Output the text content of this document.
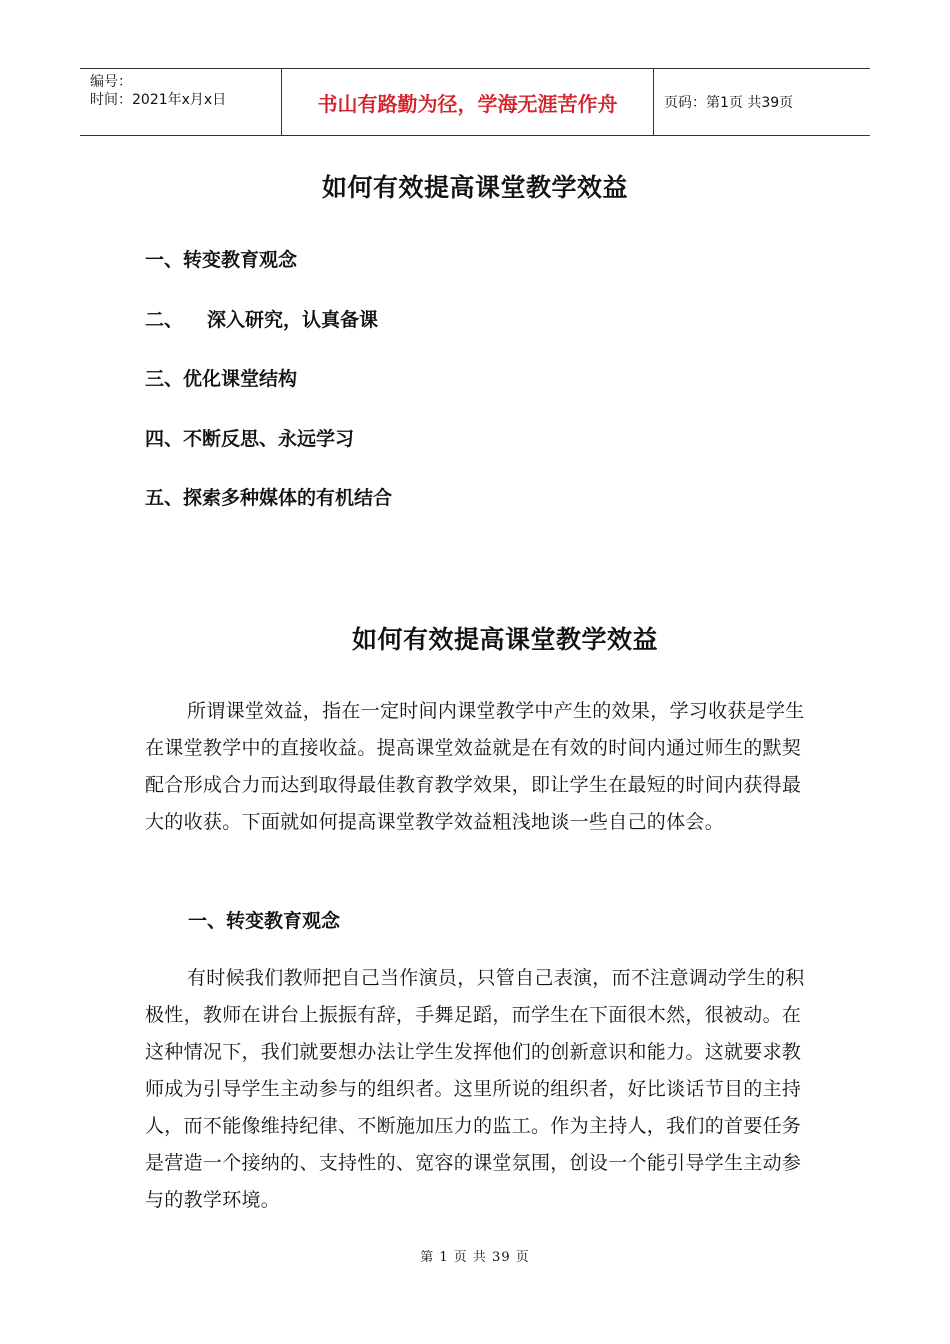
编号：
时间：2021年x月x日	书山有路勤为径，学海无涯苦作舟	页码：第1页 共39页
如何有效提高课堂教学效益
一、转变教育观念
二、 深入研究，认真备课
三、优化课堂结构
四、不断反思、永远学习
五、探索多种媒体的有机结合
如何有效提高课堂教学效益
所谓课堂效益，指在一定时间内课堂教学中产生的效果，学习收获是学生在课堂教学中的直接收益。提高课堂效益就是在有效的时间内通过师生的默契配合形成合力而达到取得最佳教育教学效果，即让学生在最短的时间内获得最大的收获。下面就如何提高课堂教学效益粗浅地谈一些自己的体会。
一、转变教育观念
有时候我们教师把自己当作演员，只管自己表演，而不注意调动学生的积极性，教师在讲台上振振有辞，手舞足蹈，而学生在下面很木然，很被动。在这种情况下，我们就要想办法让学生发挥他们的创新意识和能力。这就要求教师成为引导学生主动参与的组织者。这里所说的组织者，好比谈话节目的主持人，而不能像维持纪律、不断施加压力的监工。作为主持人，我们的首要任务是营造一个接纳的、支持性的、宽容的课堂氛围，创设一个能引导学生主动参与的教学环境。
第 1 页 共 39 页
